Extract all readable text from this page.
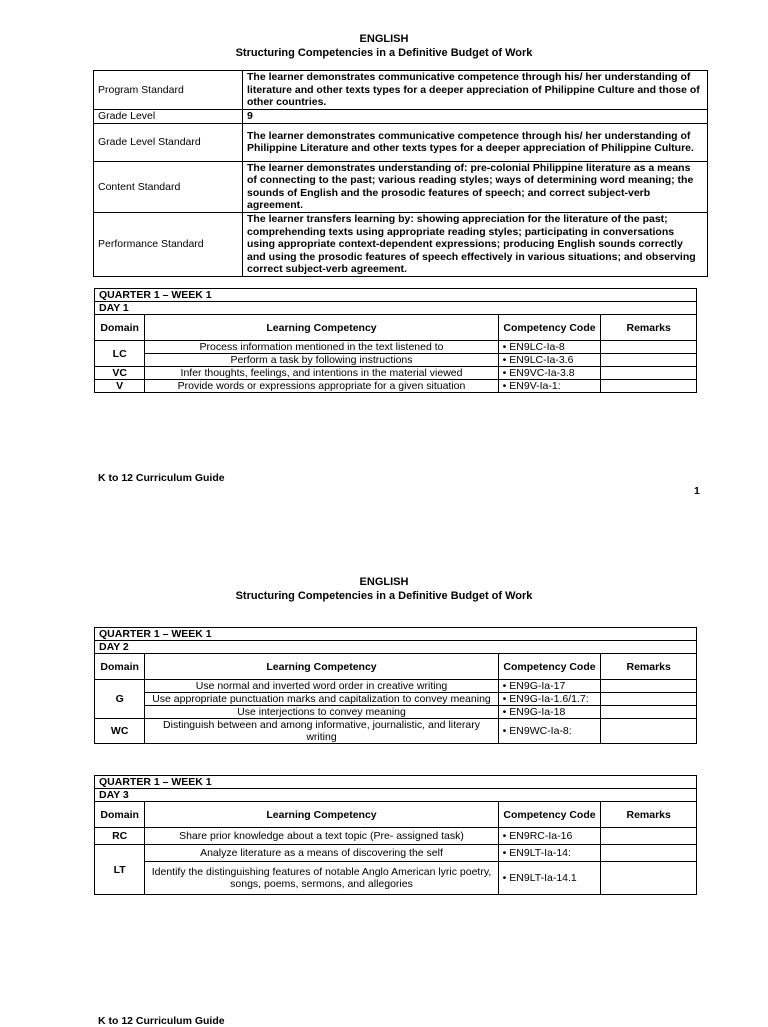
ENGLISH
Structuring Competencies in a Definitive Budget of Work
Program Standard	The learner demonstrates communicative competence through his/ her understanding of literature and other texts types for a deeper appreciation of Philippine Culture and those of other countries.
Grade Level	9
Grade Level Standard	The learner demonstrates communicative competence through his/ her understanding of Philippine Literature and other texts types for a deeper appreciation of Philippine Culture.
Content Standard	The learner demonstrates understanding of: pre-colonial Philippine literature as a means of connecting to the past; various reading styles; ways of determining word meaning; the sounds of English and the prosodic features of speech; and correct subject-verb agreement.
Performance Standard	The learner transfers learning by: showing appreciation for the literature of the past; comprehending texts using appropriate reading styles; participating in conversations using appropriate context-dependent expressions; producing English sounds correctly and using the prosodic features of speech effectively in various situations; and observing correct subject-verb agreement.
QUARTER 1 – WEEK 1			
DAY 1			
Domain	Learning Competency	Competency Code	Remarks
LC	Process information mentioned in the text listened to	• EN9LC-Ia-8	
	Perform a task by following instructions	• EN9LC-Ia-3.6	
VC	Infer thoughts, feelings, and intentions in the material viewed	• EN9VC-Ia-3.8	
V	Provide words or expressions appropriate for a given situation	• EN9V-Ia-1:	
K to 12 Curriculum Guide
1
ENGLISH
Structuring Competencies in a Definitive Budget of Work
QUARTER 1 – WEEK 1			
DAY 2			
Domain	Learning Competency	Competency Code	Remarks
G	Use normal and inverted word order in creative writing	• EN9G-Ia-17	
	Use appropriate punctuation marks and capitalization to convey meaning	• EN9G-Ia-1.6/1.7:	
	Use interjections to convey meaning	• EN9G-Ia-18	
WC	Distinguish between and among informative, journalistic, and literary writing	• EN9WC-Ia-8:	
QUARTER 1 – WEEK 1			
DAY 3			
Domain	Learning Competency	Competency Code	Remarks
RC	Share prior knowledge about a text topic (Pre- assigned task)	• EN9RC-Ia-16	
LT	Analyze literature as a means of discovering the self	• EN9LT-Ia-14:	
	Identify the distinguishing features of notable Anglo American lyric poetry, songs, poems, sermons, and allegories	• EN9LT-Ia-14.1	
K to 12 Curriculum Guide
